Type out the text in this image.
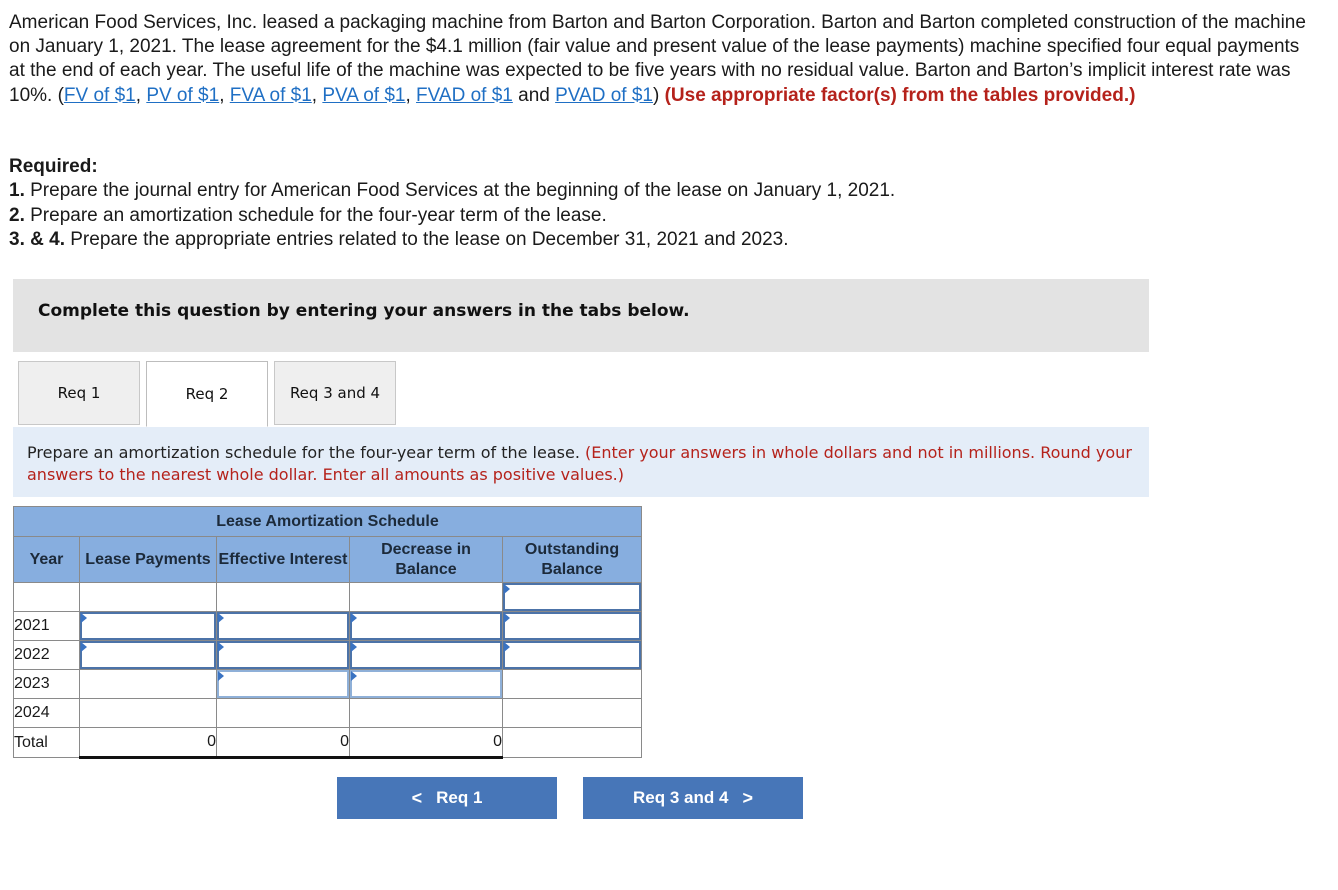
American Food Services, Inc. leased a packaging machine from Barton and Barton Corporation. Barton and Barton completed construction of the machine on January 1, 2021. The lease agreement for the $4.1 million (fair value and present value of the lease payments) machine specified four equal payments at the end of each year. The useful life of the machine was expected to be five years with no residual value. Barton and Barton’s implicit interest rate was 10%. (FV of $1, PV of $1, FVA of $1, PVA of $1, FVAD of $1 and PVAD of $1) (Use appropriate factor(s) from the tables provided.)

Required:

1. Prepare the journal entry for American Food Services at the beginning of the lease on January 1, 2021.

2. Prepare an amortization schedule for the four-year term of the lease.

3. & 4. Prepare the appropriate entries related to the lease on December 31, 2021 and 2023.

Complete this question by entering your answers in the tabs below.
Req 1	Req 2	Req 3 and 4
Prepare an amortization schedule for the four-year term of the lease. (Enter your answers in whole dollars and not in millions. Round your answers to the nearest whole dollar. Enter all amounts as positive values.)
Lease Amortization Schedule				
Year	Lease Payments	Effective Interest	Decrease in Balance	Outstanding Balance

2021				
2022				
2023				
2024				
Total	0	0	0	
< Req 1	Req 3 and 4 >
